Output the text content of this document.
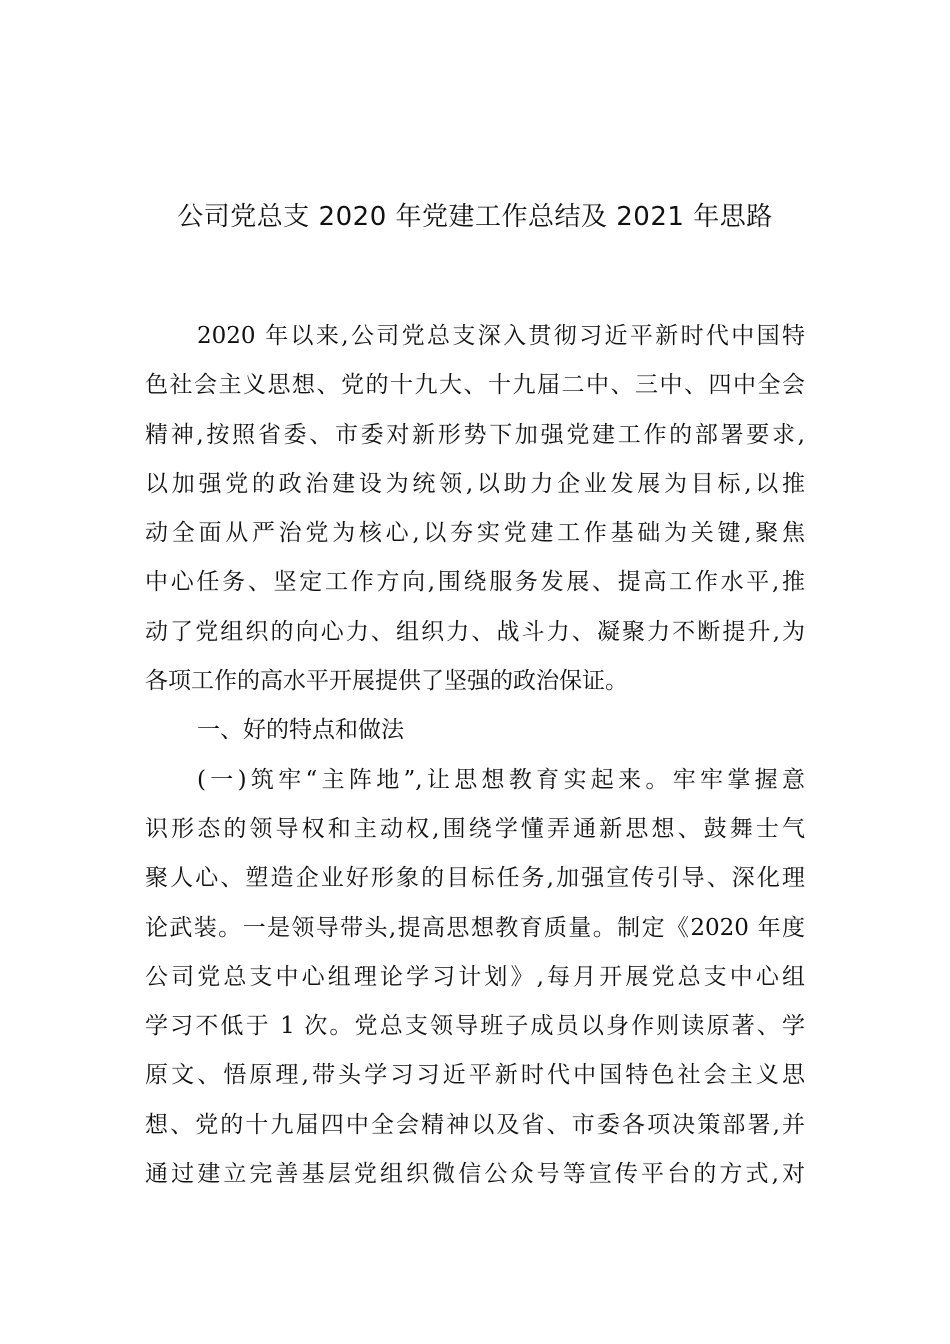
公司党总支 2020 年党建工作总结及 2021 年思路
2020 年以来,公司党总支深入贯彻习近平新时代中国特
色社会主义思想、党的十九大、十九届二中、三中、四中全会
精神,按照省委、市委对新形势下加强党建工作的部署要求,
以加强党的政治建设为统领,以助力企业发展为目标,以推
动全面从严治党为核心,以夯实党建工作基础为关键,聚焦
中心任务、坚定工作方向,围绕服务发展、提高工作水平,推
动了党组织的向心力、组织力、战斗力、凝聚力不断提升,为
各项工作的高水平开展提供了坚强的政治保证。
一、好的特点和做法
(一)筑牢“主阵地”,让思想教育实起来。牢牢掌握意
识形态的领导权和主动权,围绕学懂弄通新思想、鼓舞士气
聚人心、塑造企业好形象的目标任务,加强宣传引导、深化理
论武装。一是领导带头,提高思想教育质量。制定《2020 年度
公司党总支中心组理论学习计划》,每月开展党总支中心组
学习不低于 1 次。党总支领导班子成员以身作则读原著、学
原文、悟原理,带头学习习近平新时代中国特色社会主义思
想、党的十九届四中全会精神以及省、市委各项决策部署,并
通过建立完善基层党组织微信公众号等宣传平台的方式,对
